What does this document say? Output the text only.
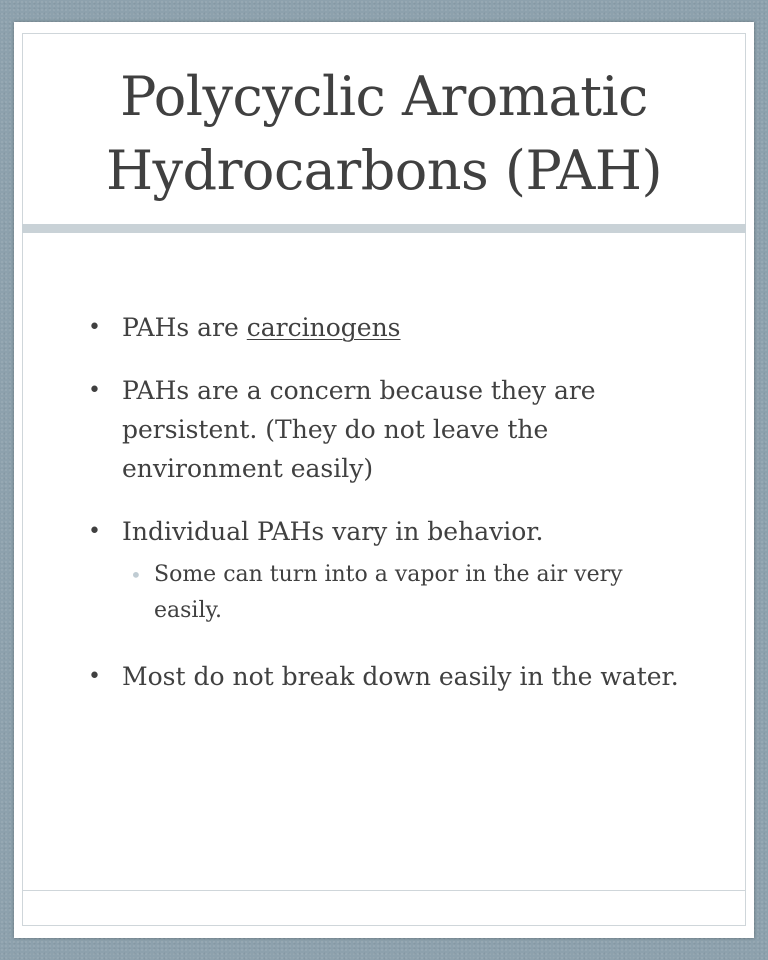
Polycyclic Aromatic Hydrocarbons (PAH)
• PAHs are carcinogens
• PAHs are a concern because they are persistent. (They do not leave the environment easily)
• Individual PAHs vary in behavior.
• Some can turn into a vapor in the air very easily.
• Most do not break down easily in the water.
